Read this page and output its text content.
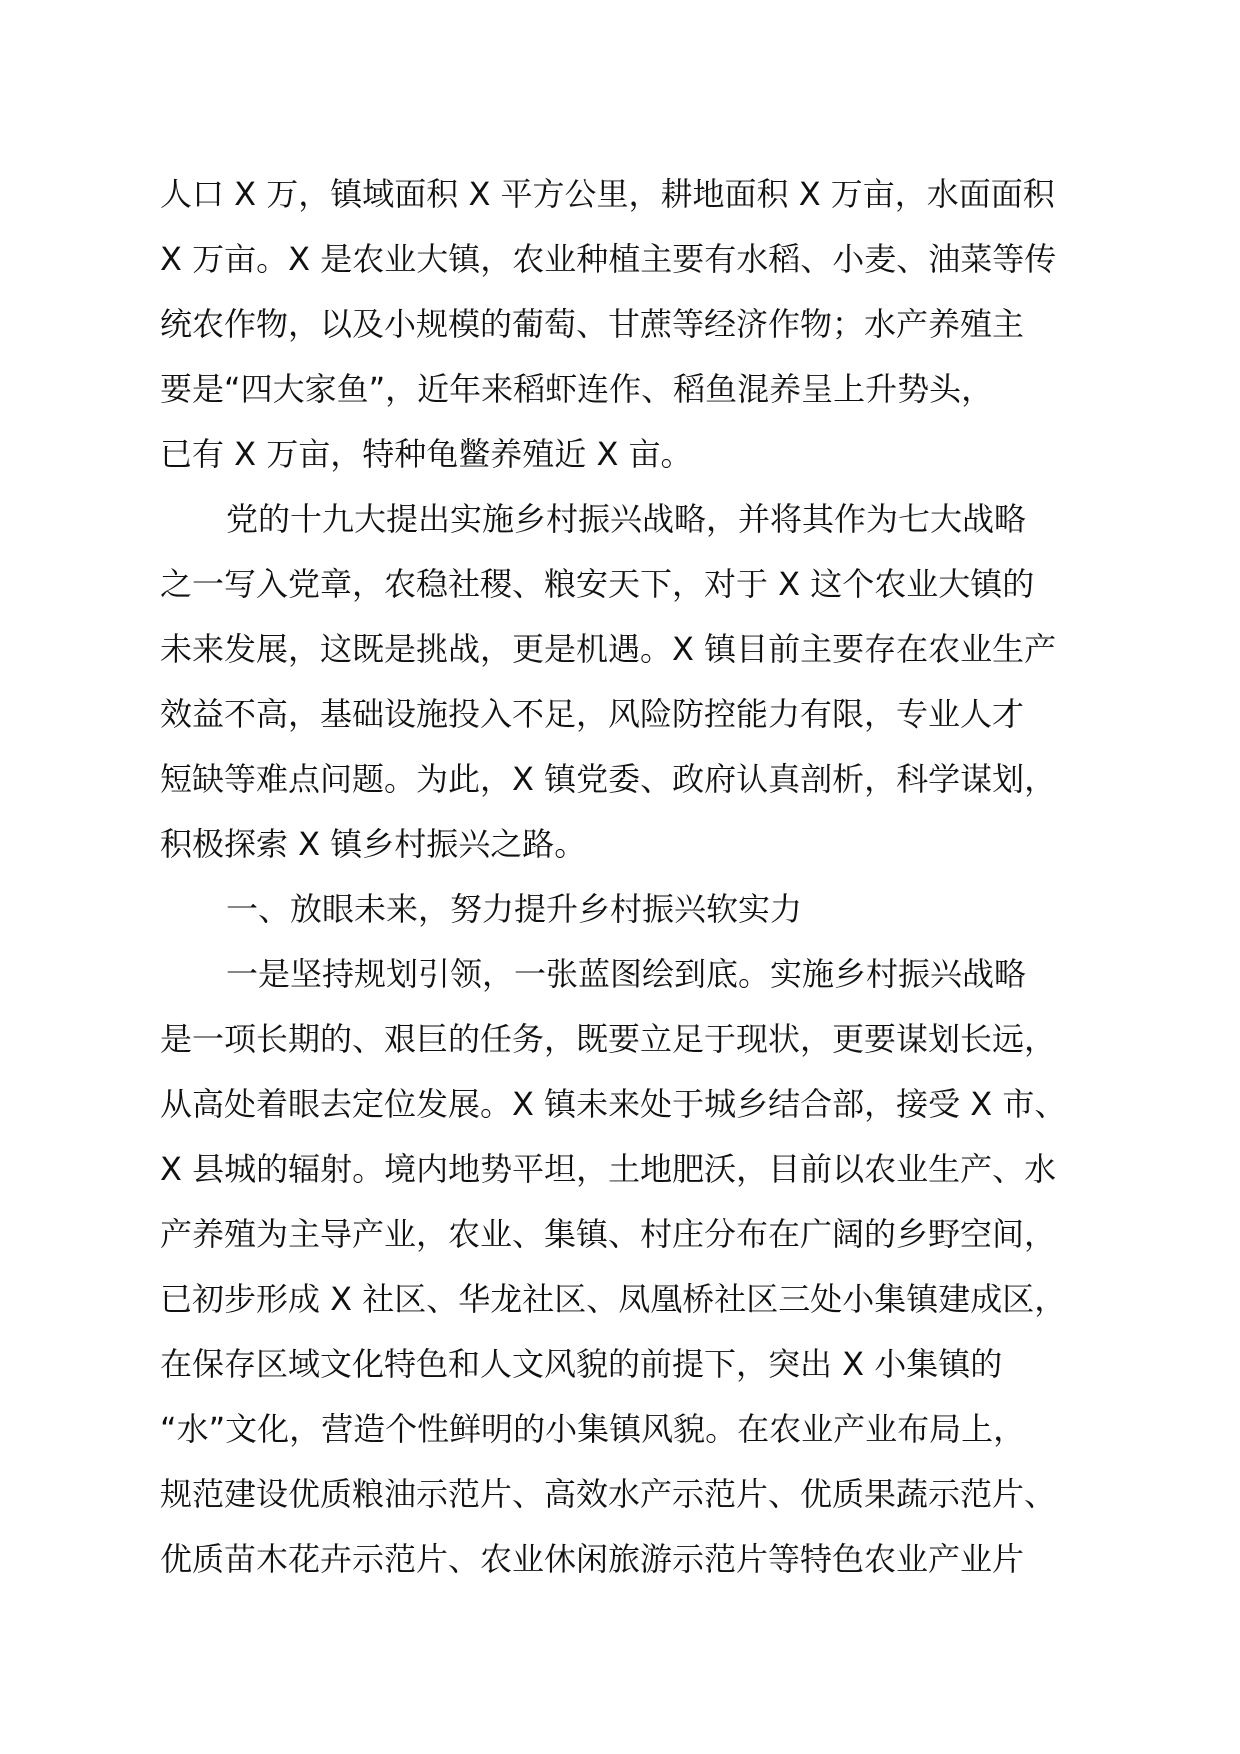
人口 X 万，镇域面积 X 平方公里，耕地面积 X 万亩，水面面积
X 万亩。X 是农业大镇，农业种植主要有水稻、小麦、油菜等传
统农作物，以及小规模的葡萄、甘蔗等经济作物；水产养殖主
要是“四大家鱼”，近年来稻虾连作、稻鱼混养呈上升势头，
已有 X 万亩，特种龟鳖养殖近 X 亩。
党的十九大提出实施乡村振兴战略，并将其作为七大战略
之一写入党章，农稳社稷、粮安天下，对于 X 这个农业大镇的
未来发展，这既是挑战，更是机遇。X 镇目前主要存在农业生产
效益不高，基础设施投入不足，风险防控能力有限，专业人才
短缺等难点问题。为此，X 镇党委、政府认真剖析，科学谋划，
积极探索 X 镇乡村振兴之路。
一、放眼未来，努力提升乡村振兴软实力
一是坚持规划引领，一张蓝图绘到底。实施乡村振兴战略
是一项长期的、艰巨的任务，既要立足于现状，更要谋划长远，
从高处着眼去定位发展。X 镇未来处于城乡结合部，接受 X 市、
X 县城的辐射。境内地势平坦，土地肥沃，目前以农业生产、水
产养殖为主导产业，农业、集镇、村庄分布在广阔的乡野空间，
已初步形成 X 社区、华龙社区、凤凰桥社区三处小集镇建成区，
在保存区域文化特色和人文风貌的前提下，突出 X 小集镇的
“水”文化，营造个性鲜明的小集镇风貌。在农业产业布局上，
规范建设优质粮油示范片、高效水产示范片、优质果蔬示范片、
优质苗木花卉示范片、农业休闲旅游示范片等特色农业产业片
